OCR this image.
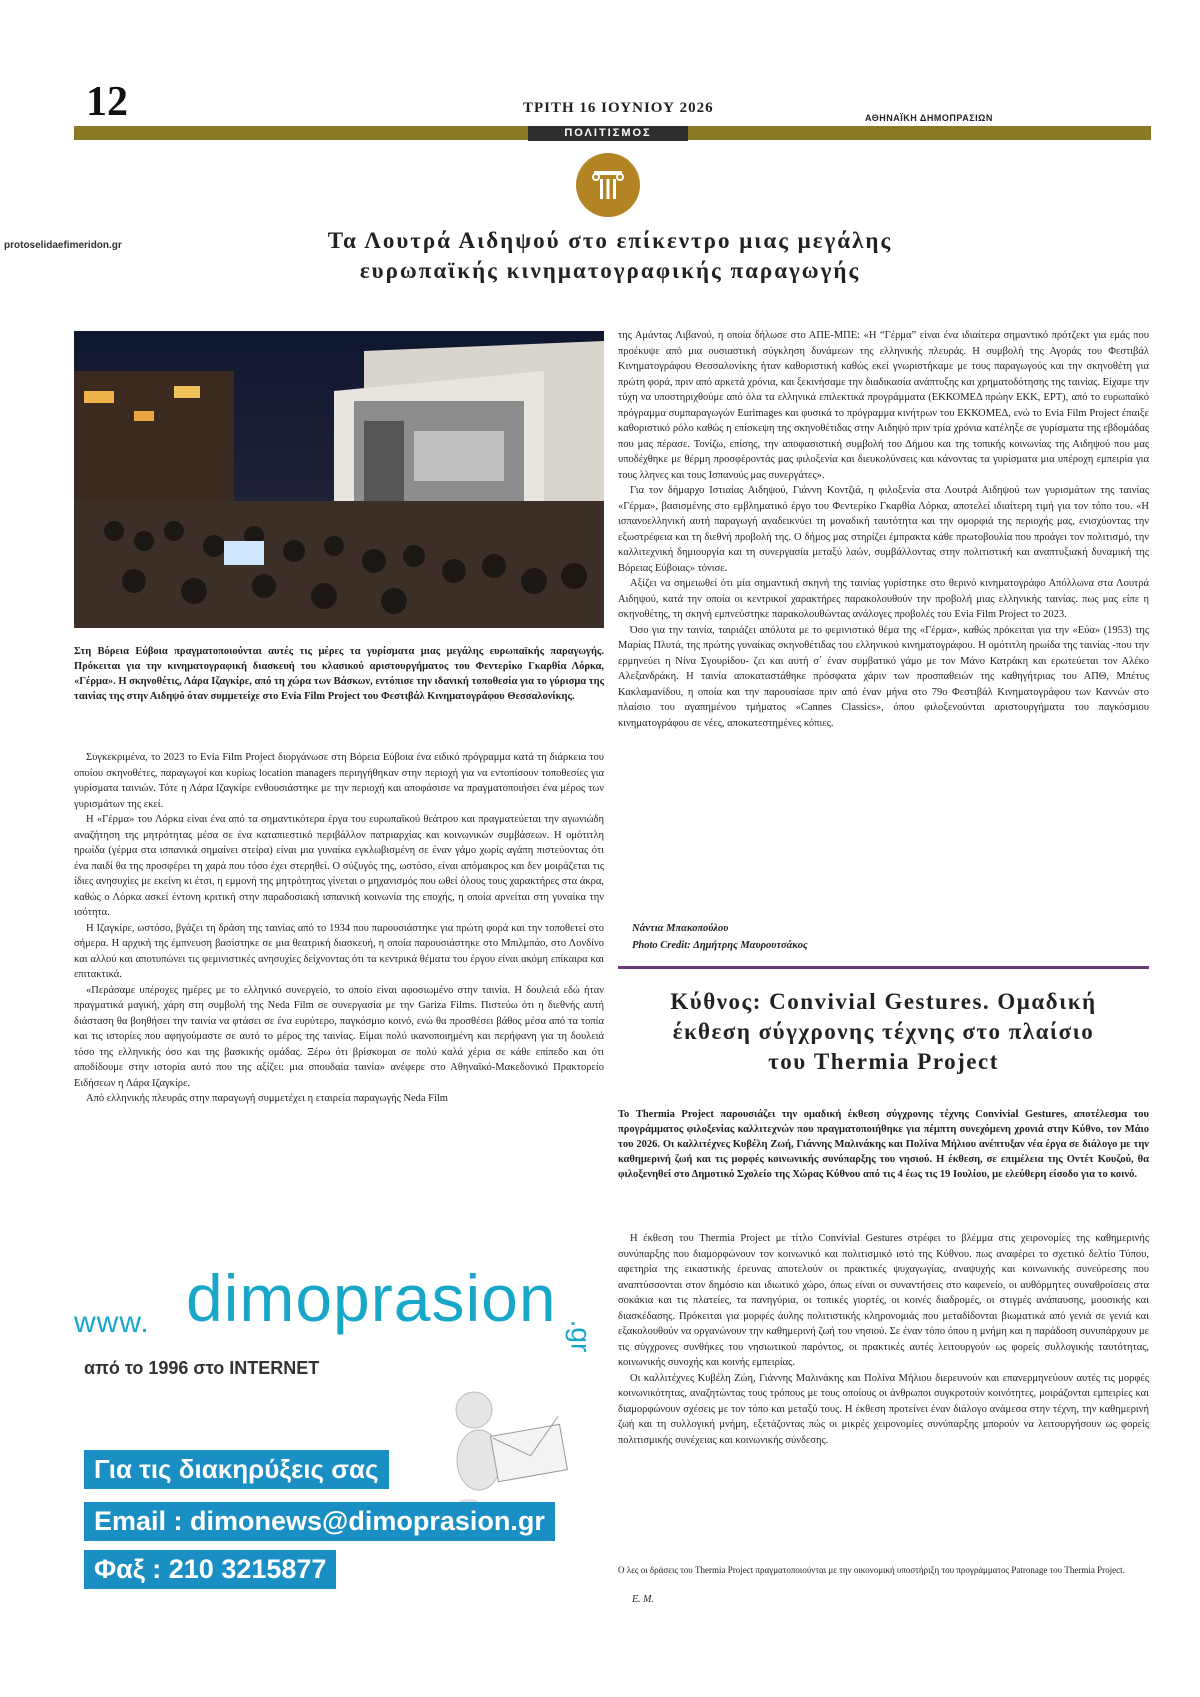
12	ΤΡΙΤΗ 16 ΙΟΥΝΙΟΥ 2026
ΑΘΗΝΑΪΚΗ ΔΗΜΟΠΡΑΣΙΩΝ
ΠΟΛΙΤΙΣΜΟΣ
protoselidaefimeridon.gr	Τα Λουτρά Αιδηψού στο επίκεντρο μιας μεγάλης
ευρωπαϊκής κινηματογραφικής παραγωγής
Στη Βόρεια Εύβοια πραγματοποιούνται αυτές τις μέρες τα γυρίσματα μιας μεγάλης ευρωπαϊκής παραγωγής. Πρόκειται για την κινηματογραφική διασκευή του κλασικού αριστουργήματος του Φεντερίκο Γκαρθία Λόρκα, «Γέρμα». Η σκηνοθέτις, Λάρα Ιζαγκίρε, από τη χώρα των Βάσκων, εντόπισε την ιδανική τοποθεσία για το γύρισμα της ταινίας της στην Αιδηψό όταν συμμετείχε στο Evia Film Project του Φεστιβάλ Κινηματογράφου Θεσσαλονίκης.

Συγκεκριμένα, το 2023 το Evia Film Project διοργάνωσε στη Βόρεια Εύβοια ένα ειδικό πρόγραμμα κατά τη διάρκεια του οποίου σκηνοθέτες, παραγωγοί και κυρίως location managers περιηγήθηκαν στην περιοχή για να εντοπίσουν τοποθεσίες για γυρίσματα ταινιών. Τότε η Λάρα Ιζαγκίρε ενθουσιάστηκε με την περιοχή και αποφάσισε να πραγματοποιήσει ένα μέρος των γυρισμάτων της εκεί.

Η «Γέρμα» του Λόρκα είναι ένα από τα σημαντικότερα έργα του ευρωπαϊκού θεάτρου και πραγματεύεται την αγωνιώδη αναζήτηση της μητρότητας μέσα σε ένα καταπιεστικό περιβάλλον πατριαρχίας και κοινωνικών συμβάσεων. Η ομότιτλη ηρωίδα (γέρμα στα ισπανικά σημαίνει στείρα) είναι μια γυναίκα εγκλωβισμένη σε έναν γάμο χωρίς αγάπη πιστεύοντας ότι ένα παιδί θα της προσφέρει τη χαρά που τόσο έχει στερηθεί. Ο σύζυγός της, ωστόσο, είναι απόμακρος και δεν μοιράζεται τις ίδιες ανησυχίες με εκείνη κι έτσι, η εμμονή της μητρότητας γίνεται ο μηχανισμός που ωθεί όλους τους χαρακτήρες στα άκρα, καθώς ο Λόρκα ασκεί έντονη κριτική στην παραδοσιακή ισπανική κοινωνία της εποχής, η οποία αρνείται στη γυναίκα την ισότητα.

Η Ιζαγκίρε, ωστόσο, βγάζει τη δράση της ταινίας από το 1934 που παρουσιάστηκε για πρώτη φορά και την τοποθετεί στο σήμερα. Η αρχική της έμπνευση βασίστηκε σε μια θεατρική διασκευή, η οποία παρουσιάστηκε στο Μπιλμπάο, στο Λονδίνο και αλλού και αποτυπώνει τις φεμινιστικές ανησυχίες δείχνοντας ότι τα κεντρικά θέματα του έργου είναι ακόμη επίκαιρα και επιτακτικά.

«Περάσαμε υπέροχες ημέρες με το ελληνικό συνεργείο, το οποίο είναι αφοσιωμένο στην ταινία. Η δουλειά εδώ ήταν πραγματικά μαγική, χάρη στη συμβολή της Neda Film σε συνεργασία με την Gariza Films. Πιστεύω ότι η διεθνής αυτή διάσταση θα βοηθήσει την ταινία να φτάσει σε ένα ευρύτερο, παγκόσμιο κοινό, ενώ θα προσθέσει βάθος μέσα από τα τοπία και τις ιστορίες που αφηγούμαστε σε αυτό το μέρος της ταινίας. Είμαι πολύ ικανοποιημένη και περήφανη για τη δουλειά τόσο της ελληνικής όσο και της βασκικής ομάδας. Ξέρω ότι βρίσκομαι σε πολύ καλά χέρια σε κάθε επίπεδο και ότι αποδίδουμε στην ιστορία αυτό που της αξίζει: μια σπουδαία ταινία» ανέφερε στο Αθηναϊκό-Μακεδονικό Πρακτορείο Ειδήσεων η Λάρα Ιζαγκίρε.

Από ελληνικής πλευράς στην παραγωγή συμμετέχει η εταιρεία παραγωγής Neda Film

της Αμάντας Λιβανού, η οποία δήλωσε στο ΑΠΕ-ΜΠΕ: «Η “Γέρμα” είναι ένα ιδιαίτερα σημαντικό πρότζεκτ για εμάς που προέκυψε από μια ουσιαστική σύγκληση δυνάμεων της ελληνικής πλευράς. Η συμβολή της Αγοράς του Φεστιβάλ Κινηματογράφου Θεσσαλονίκης ήταν καθοριστική καθώς εκεί γνωριστήκαμε με τους παραγωγούς και την σκηνοθέτη για πρώτη φορά, πριν από αρκετά χρόνια, και ξεκινήσαμε την διαδικασία ανάπτυξης και χρηματοδότησης της ταινίας. Είχαμε την τύχη να υποστηριχθούμε από όλα τα ελληνικά επιλεκτικά προγράμματα (ΕΚΚΟΜΕΔ πρώην ΕΚΚ, ΕΡΤ), από το ευρωπαϊκό πρόγραμμα συμπαραγωγών Eurimages και φυσικά το πρόγραμμα κινήτρων του ΕΚΚΟΜΕΔ, ενώ το Evia Film Project έπαιξε καθοριστικό ρόλο καθώς η επίσκεψη της σκηνοθέτιδας στην Αιδηψό πριν τρία χρόνια κατέληξε σε γυρίσματα της εβδομάδας που μας πέρασε. Τονίζω, επίσης, την αποφασιστική συμβολή του Δήμου και της τοπικής κοινωνίας της Αιδηψού που μας υποδέχθηκε με θέρμη προσφέροντάς μας φιλοξενία και διευκολύνσεις και κάνοντας τα γυρίσματα μια υπέροχη εμπειρία για τους λληνες και τους Ισπανούς μας συνεργάτες».

Για τον δήμαρχο Ιστιαίας Αιδηψού, Γιάννη Κοντζιά, η φιλοξενία στα Λουτρά Αιδηψού των γυρισμάτων της ταινίας «Γέρμα», βασισμένης στο εμβληματικό έργο του Φεντερίκο Γκαρθία Λόρκα, αποτελεί ιδιαίτερη τιμή για τον τόπο του. «Η ισπανοελληνική αυτή παραγωγή αναδεικνύει τη μοναδική ταυτότητα και την ομορφιά της περιοχής μας, ενισχύοντας την εξωστρέφεια και τη διεθνή προβολή της. Ο δήμος μας στηρίζει έμπρακτα κάθε πρωτοβουλία που προάγει τον πολιτισμό, την καλλιτεχνική δημιουργία και τη συνεργασία μεταξύ λαών, συμβάλλοντας στην πολιτιστική και αναπτυξιακή δυναμική της Βόρειας Εύβοιας» τόνισε.

Αξίζει να σημειωθεί ότι μία σημαντική σκηνή της ταινίας γυρίστηκε στο θερινό κινηματογράφο Απόλλωνα στα Λουτρά Αιδηψού, κατά την οποία οι κεντρικοί χαρακτήρες παρακολουθούν την προβολή μιας ελληνικής ταινίας. πως μας είπε η σκηνοθέτης, τη σκηνή εμπνεύστηκε παρακολουθώντας ανάλογες προβολές του Evia Film Project το 2023.

Όσο για την ταινία, ταιριάζει απόλυτα με το φεμινιστικό θέμα της «Γέρμα», καθώς πρόκειται για την «Εύα» (1953) της Μαρίας Πλυτά, της πρώτης γυναίκας σκηνοθέτιδας του ελληνικού κινηματογράφου. Η ομότιτλη ηρωίδα της ταινίας -που την ερμηνεύει η Νίνα Σγουρίδου- ζει και αυτή σ΄ έναν συμβατικό γάμο με τον Μάνο Κατράκη και ερωτεύεται τον Αλέκο Αλεξανδράκη. Η ταινία αποκαταστάθηκε πρόσφατα χάριν των προσπαθειών της καθηγήτριας του ΑΠΘ, Μπέτυς Κακλαμανίδου, η οποία και την παρουσίασε πριν από έναν μήνα στο 79ο Φεστιβάλ Κινηματογράφου των Καννών στο πλαίσιο του αγαπημένου τμήματος «Cannes Classics», όπου φιλοξενούνται αριστουργήματα του παγκόσμιου κινηματογράφου σε νέες, αποκατεστημένες κόπιες.

Νάντια Μπακοπούλου
Photo Credit: Δημήτρης Μαυρουτσάκος
Κύθνος: Convivial Gestures. Ομαδική
έκθεση σύγχρονης τέχνης στο πλαίσιο
του Thermia Project
Το Thermia Project παρουσιάζει την ομαδική έκθεση σύγχρονης τέχνης Convivial Gestures, αποτέλεσμα του προγράμματος φιλοξενίας καλλιτεχνών που πραγματοποιήθηκε για πέμπτη συνεχόμενη χρονιά στην Κύθνο, τον Μάιο του 2026. Οι καλλιτέχνες Κυβέλη Ζωή, Γιάννης Μαλινάκης και Πολίνα Μήλιου ανέπτυξαν νέα έργα σε διάλογο με την καθημερινή ζωή και τις μορφές κοινωνικής συνύπαρξης του νησιού. Η έκθεση, σε επιμέλεια της Οντέτ Κουζού, θα φιλοξενηθεί στο Δημοτικό Σχολείο της Χώρας Κύθνου από τις 4 έως τις 19 Ιουλίου, με ελεύθερη είσοδο για το κοινό.

Η έκθεση του Thermia Project με τίτλο Convivial Gestures στρέφει το βλέμμα στις χειρονομίες της καθημερινής συνύπαρξης που διαμορφώνουν τον κοινωνικό και πολιτισμικό ιστό της Κύθνου. πως αναφέρει το σχετικό δελτίο Τύπου, αφετηρία της εικαστικής έρευνας αποτελούν οι πρακτικές ψυχαγωγίας, αναψυχής και κοινωνικής συνεύρεσης που αναπτύσσονται στον δημόσιο και ιδιωτικό χώρο, όπως είναι οι συναντήσεις στο καφενείο, οι αυθόρμητες συναθροίσεις στα σοκάκια και τις πλατείες, τα πανηγύρια, οι τοπικές γιορτές, οι κοινές διαδρομές, οι στιγμές ανάπαυσης, μουσικής και διασκέδασης. Πρόκειται για μορφές άυλης πολιτιστικής κληρονομιάς που μεταδίδονται βιωματικά από γενιά σε γενιά και εξακολουθούν να οργανώνουν την καθημερινή ζωή του νησιού. Σε έναν τόπο όπου η μνήμη και η παράδοση συνυπάρχουν με τις σύγχρονες συνθήκες του νησιωτικού παρόντος, οι πρακτικές αυτές λειτουργούν ως φορείς συλλογικής ταυτότητας, κοινωνικής συνοχής και κοινής εμπειρίας.

Οι καλλιτέχνες Κυβέλη Ζώη, Γιάννης Μαλινάκης και Πολίνα Μήλιου διερευνούν και επανερμηνεύουν αυτές τις μορφές κοινωνικότητας, αναζητώντας τους τρόπους με τους οποίους οι άνθρωποι συγκροτούν κοινότητες, μοιράζονται εμπειρίες και διαμορφώνουν σχέσεις με τον τόπο και μεταξύ τους. Η έκθεση προτείνει έναν διάλογο ανάμεσα στην τέχνη, την καθημερινή ζωή και τη συλλογική μνήμη, εξετάζοντας πώς οι μικρές χειρονομίες συνύπαρξης μπορούν να λειτουργήσουν ως φορείς πολιτισμικής συνέχειας και κοινωνικής σύνδεσης.

Ο λες οι δράσεις του Thermia Project πραγματοποιούνται με την οικονομική υποστήριξη του προγράμματος Patronage του Thermia Project.
Ε. Μ.
www. dimoprasion
.gr
από το 1996 στο INTERNET
Για τις διακηρύξεις σας
Email : dimonews@dimoprasion.gr
Φαξ : 210 3215877
